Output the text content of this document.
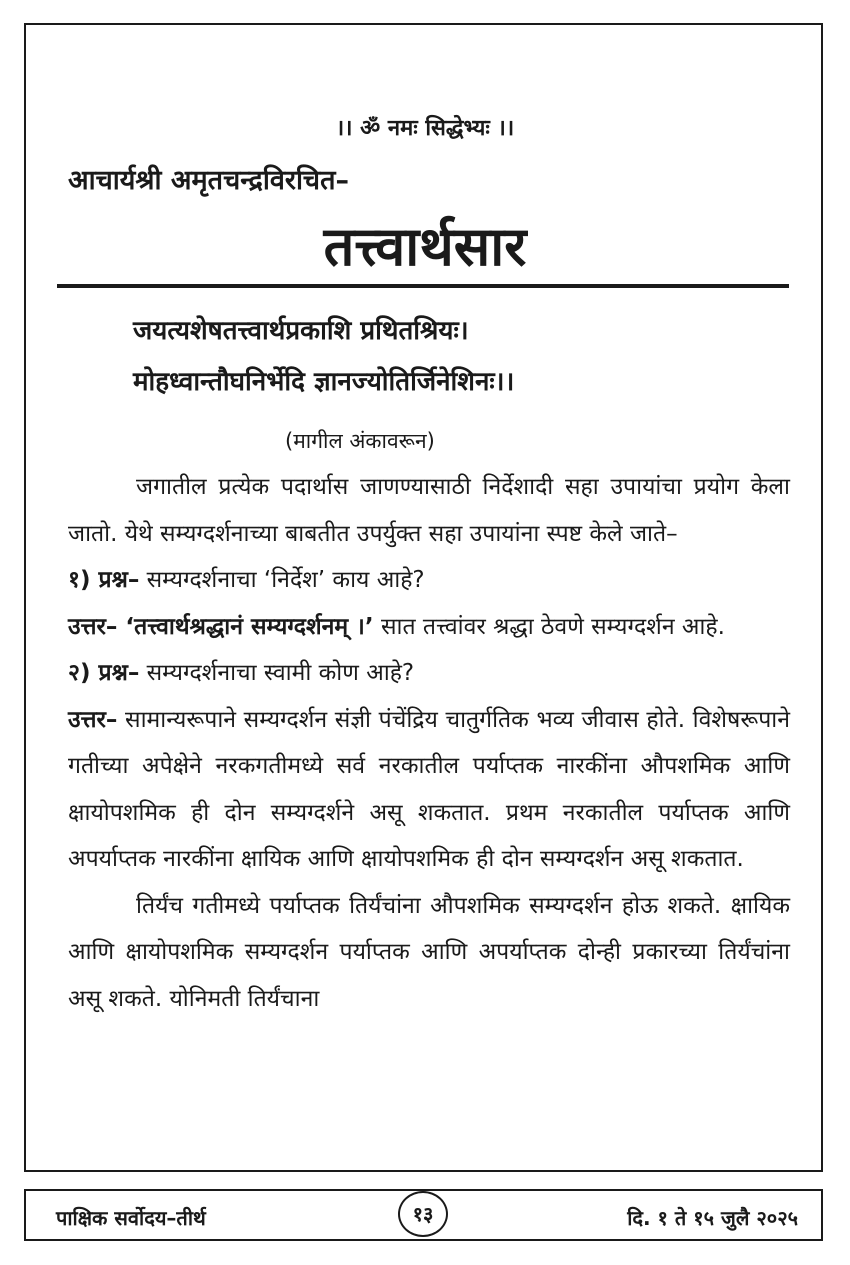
।। ॐ नमः सिद्धेभ्यः ।।
आचार्यश्री अमृतचन्द्रविरचित–
तत्त्वार्थसार
जयत्यशेषतत्त्वार्थप्रकाशि प्रथितश्रियः।
मोहध्वान्तौघनिर्भेदि ज्ञानज्योतिर्जिनेशिनः।।
(मागील अंकावरून)

जगातील प्रत्येक पदार्थास जाणण्यासाठी निर्देशादी सहा उपायांचा प्रयोग केला जातो. येथे सम्यग्दर्शनाच्या बाबतीत उपर्युक्त सहा उपायांना स्पष्ट केले जाते–

१) प्रश्न– सम्यग्दर्शनाचा ‘निर्देश’ काय आहे?

उत्तर– ‘तत्त्वार्थश्रद्धानं सम्यग्दर्शनम् ।’ सात तत्त्वांवर श्रद्धा ठेवणे सम्यग्दर्शन आहे.

२) प्रश्न– सम्यग्दर्शनाचा स्वामी कोण आहे?

उत्तर– सामान्यरूपाने सम्यग्दर्शन संज्ञी पंचेंद्रिय चातुर्गतिक भव्य जीवास होते. विशेषरूपाने गतीच्या अपेक्षेने नरकगतीमध्ये सर्व नरकातील पर्याप्तक नारकींना औपशमिक आणि क्षायोपशमिक ही दोन सम्यग्दर्शने असू शकतात. प्रथम नरकातील पर्याप्तक आणि अपर्याप्तक नारकींना क्षायिक आणि क्षायोपशमिक ही दोन सम्यग्दर्शन असू शकतात.

तिर्यंच गतीमध्ये पर्याप्तक तिर्यंचांना औपशमिक सम्यग्दर्शन होऊ शकते. क्षायिक आणि क्षायोपशमिक सम्यग्दर्शन पर्याप्तक आणि अपर्याप्तक दोन्ही प्रकारच्या तिर्यंचांना असू शकते. योनिमती तिर्यंचाना

पाक्षिक सर्वोदय–तीर्थ	१३	दि. १ ते १५ जुलै २०२५
